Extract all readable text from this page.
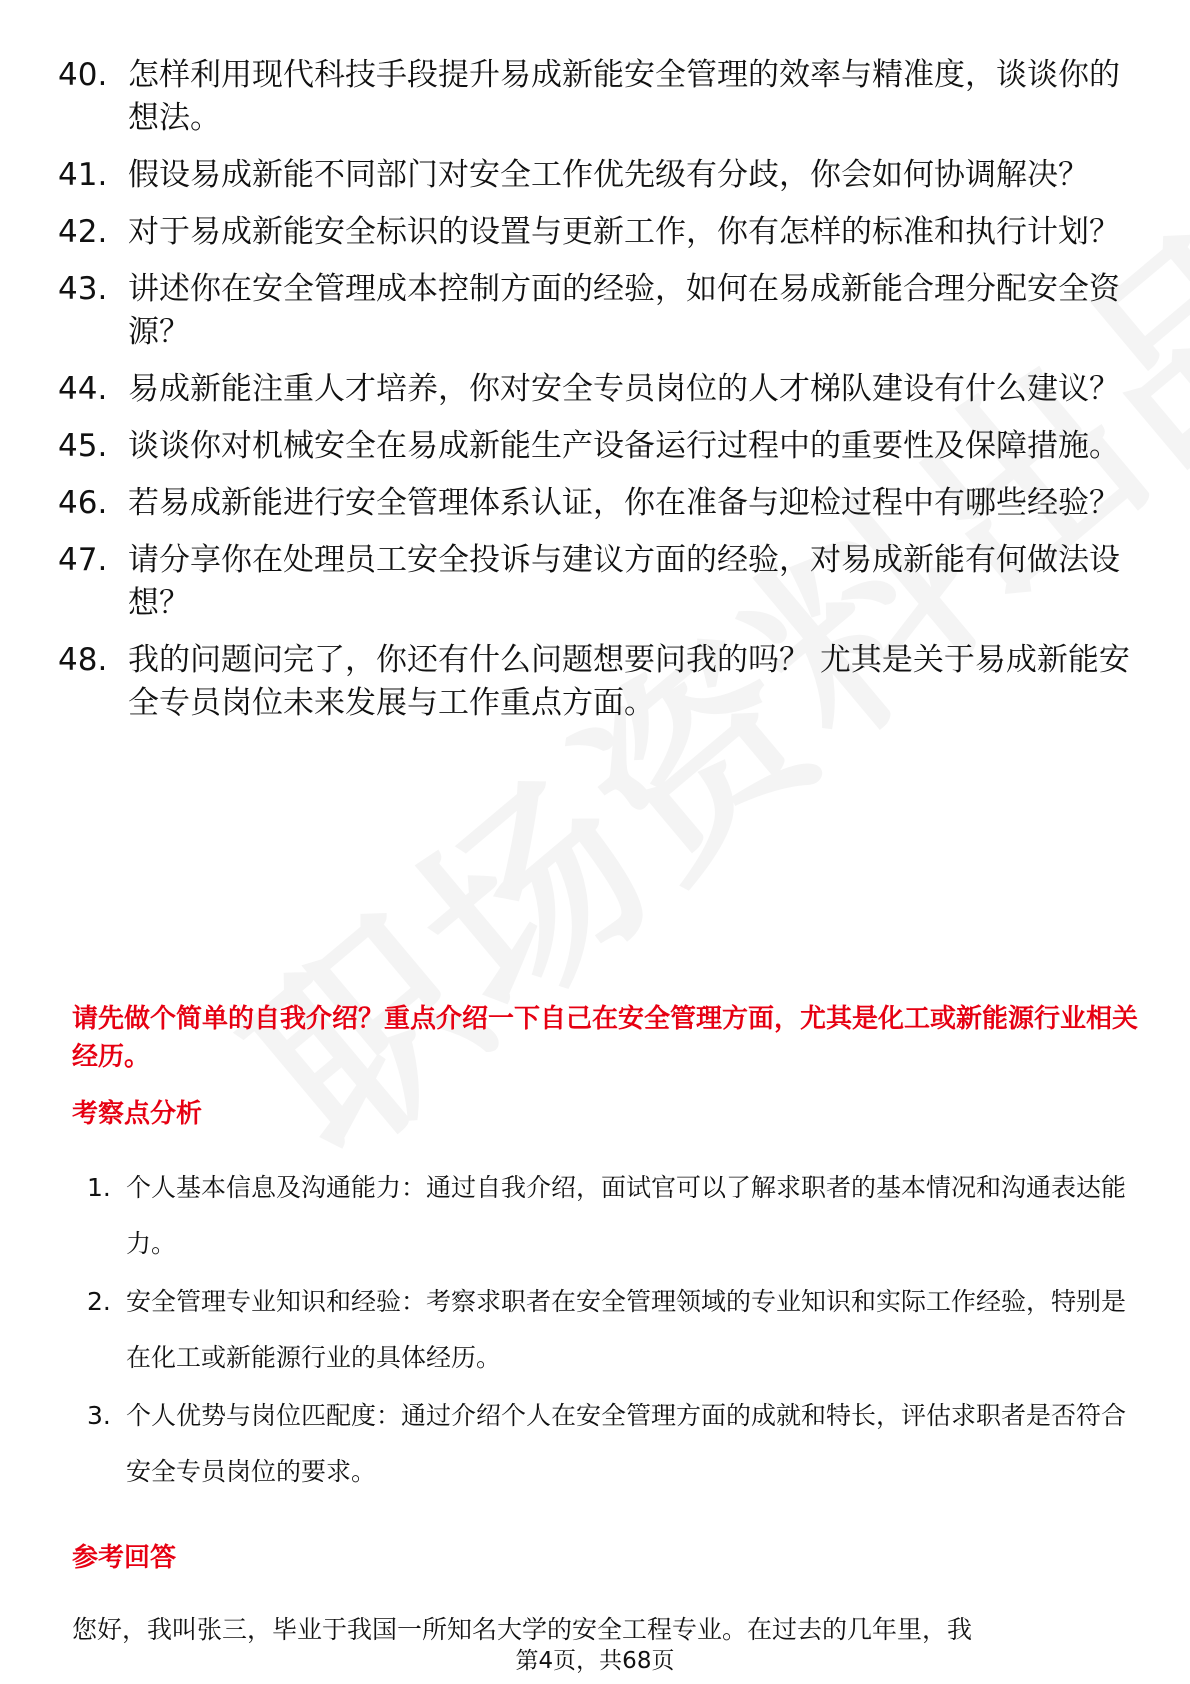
40. 怎样利用现代科技手段提升易成新能安全管理的效率与精准度，谈谈你的想法。
41. 假设易成新能不同部门对安全工作优先级有分歧，你会如何协调解决？
42. 对于易成新能安全标识的设置与更新工作，你有怎样的标准和执行计划？
43. 讲述你在安全管理成本控制方面的经验，如何在易成新能合理分配安全资源？
44. 易成新能注重人才培养，你对安全专员岗位的人才梯队建设有什么建议？
45. 谈谈你对机械安全在易成新能生产设备运行过程中的重要性及保障措施。
46. 若易成新能进行安全管理体系认证，你在准备与迎检过程中有哪些经验？
47. 请分享你在处理员工安全投诉与建议方面的经验，对易成新能有何做法设想？
48. 我的问题问完了，你还有什么问题想要问我的吗？ 尤其是关于易成新能安全专员岗位未来发展与工作重点方面。
请先做个简单的自我介绍？重点介绍一下自己在安全管理方面，尤其是化工或新能源行业相关经历。
考察点分析
1. 个人基本信息及沟通能力：通过自我介绍，面试官可以了解求职者的基本情况和沟通表达能力。
2. 安全管理专业知识和经验：考察求职者在安全管理领域的专业知识和实际工作经验，特别是在化工或新能源行业的具体经历。
3. 个人优势与岗位匹配度：通过介绍个人在安全管理方面的成就和特长，评估求职者是否符合安全专员岗位的要求。
参考回答
您好，我叫张三，毕业于我国一所知名大学的安全工程专业。在过去的几年里，我
第4页，共68页
